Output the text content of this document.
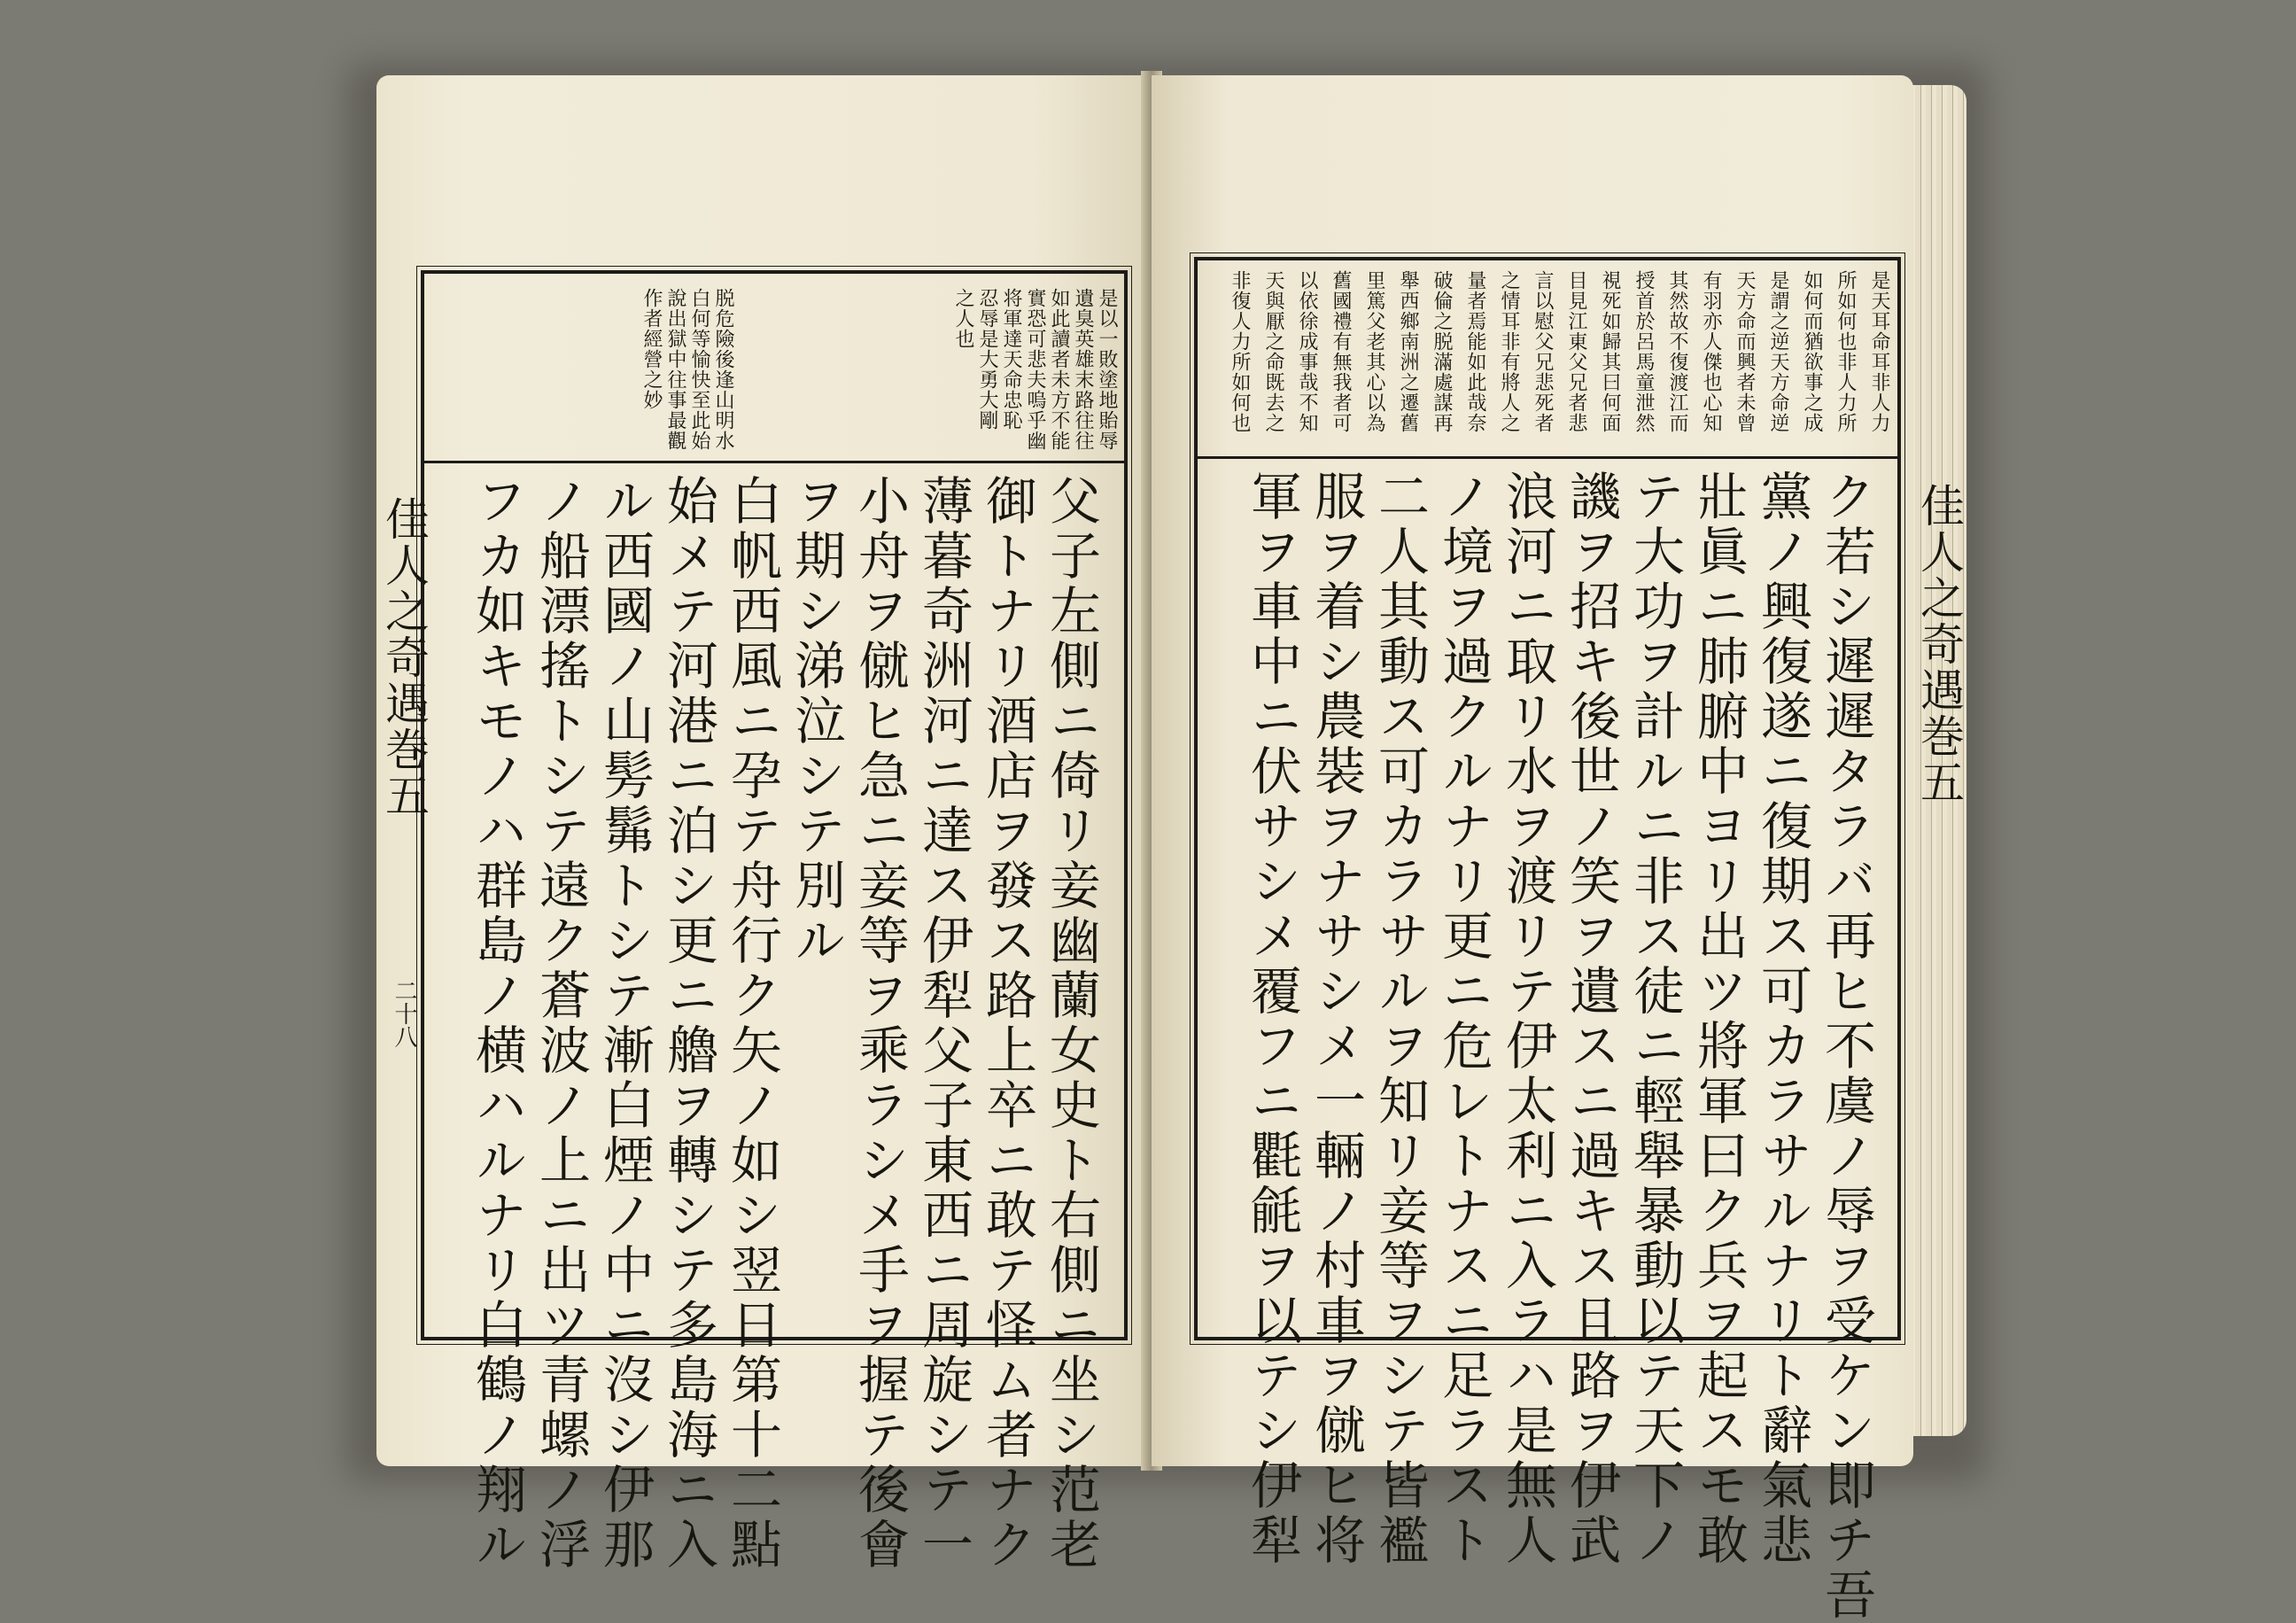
佳人之奇遇巻五
二十八
是以一敗塗地貽辱
遺臭英雄末路往往
如此讀者未方不能
實恐可悲夫嗚乎幽
将軍達天命忠恥
忍辱是大勇大剛
之人也
脱危險後逢山明水
白何等愉快至此始
說出獄中往事最觀
作者經營之妙
父子左側ニ倚リ妾幽蘭女史ト右側ニ坐シ范老
御トナリ酒店ヲ發ス路上卒ニ敢テ怪ム者ナク
薄暮奇洲河ニ達ス伊犁父子東西ニ周旋シテ一
小舟ヲ僦ヒ急ニ妾等ヲ乘ラシメ手ヲ握テ後會
ヲ期シ涕泣シテ別ル
白帆西風ニ孕テ舟行ク矢ノ如シ翌日第十二點
始メテ河港ニ泊シ更ニ艪ヲ轉シテ多島海ニ入
ル西國ノ山髣髴トシテ漸白煙ノ中ニ沒シ伊那
ノ船漂搖トシテ遠ク蒼波ノ上ニ出ツ青螺ノ浮
フカ如キモノハ群島ノ横ハルナリ白鶴ノ翔ル	佳人之奇遇巻五
是天耳命耳非人力
所如何也非人力所
如何而猶欲事之成
是謂之逆天方命逆
天方命而興者未曾
有羽亦人傑也心知
其然故不復渡江而
授首於呂馬童泄然
視死如歸其曰何面
目見江東父兄者悲
言以慰父兄悲死者
之情耳非有將人之
量者焉能如此哉奈
破倫之脱滿處謀再
舉西鄉南洲之遷舊
里篤父老其心以為
舊國禮有無我者可
以依徐成事哉不知
天與厭之命既去之
非復人力所如何也
ク若シ遲遲タラバ再ヒ不虞ノ辱ヲ受ケン即チ吾
黨ノ興復遂ニ復期ス可カラサルナリト辭氣悲
壯眞ニ肺腑中ヨリ出ツ將軍曰ク兵ヲ起スモ敢
テ大功ヲ計ルニ非ス徒ニ輕舉暴動以テ天下ノ
譏ヲ招キ後世ノ笑ヲ遺スニ過キス且路ヲ伊武
浪河ニ取リ水ヲ渡リテ伊太利ニ入ラハ是無人
ノ境ヲ過クルナリ更ニ危レトナスニ足ラスト
二人其動ス可カラサルヲ知リ妾等ヲシテ皆襤
服ヲ着シ農裝ヲナサシメ一輛ノ村車ヲ僦ヒ将
軍ヲ車中ニ伏サシメ覆フニ氍毹ヲ以テシ伊犁
